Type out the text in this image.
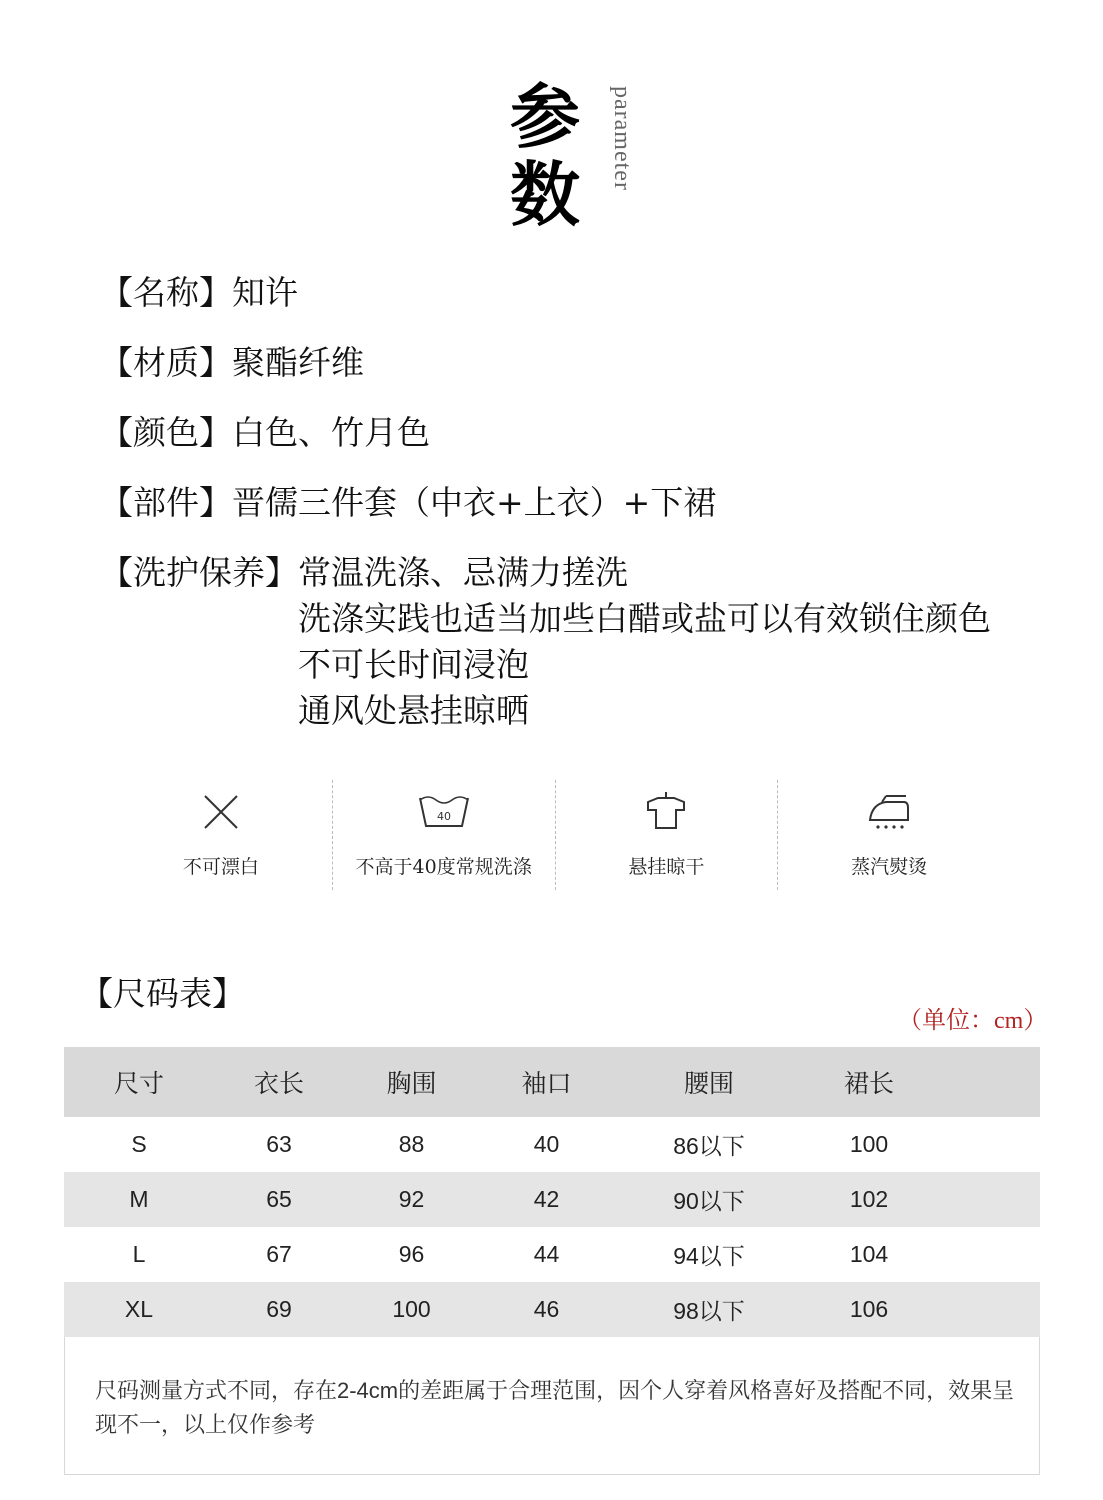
参
数
parameter
【名称】 知许
【材质】 聚酯纤维
【颜色】 白色、竹月色
【部件】 晋儒三件套（中衣+上衣）+下裙
【洗护保养】 常温洗涤、忌满力搓洗
洗涤实践也适当加些白醋或盐可以有效锁住颜色
不可长时间浸泡
通风处悬挂晾晒
不可漂白
40
不高于40度常规洗涤	悬挂晾干	蒸汽熨烫
【尺码表】
（单位：cm）
尺寸	衣长	胸围	袖口	腰围	裙长	
S	63	88	40	86以下	100	
M	65	92	42	90以下	102	
L	67	96	44	94以下	104	
XL	69	100	46	98以下	106	
尺码测量方式不同，存在2-4cm的差距属于合理范围，因个人穿着风格喜好及搭配不同，效果呈现不一，以上仅作参考
